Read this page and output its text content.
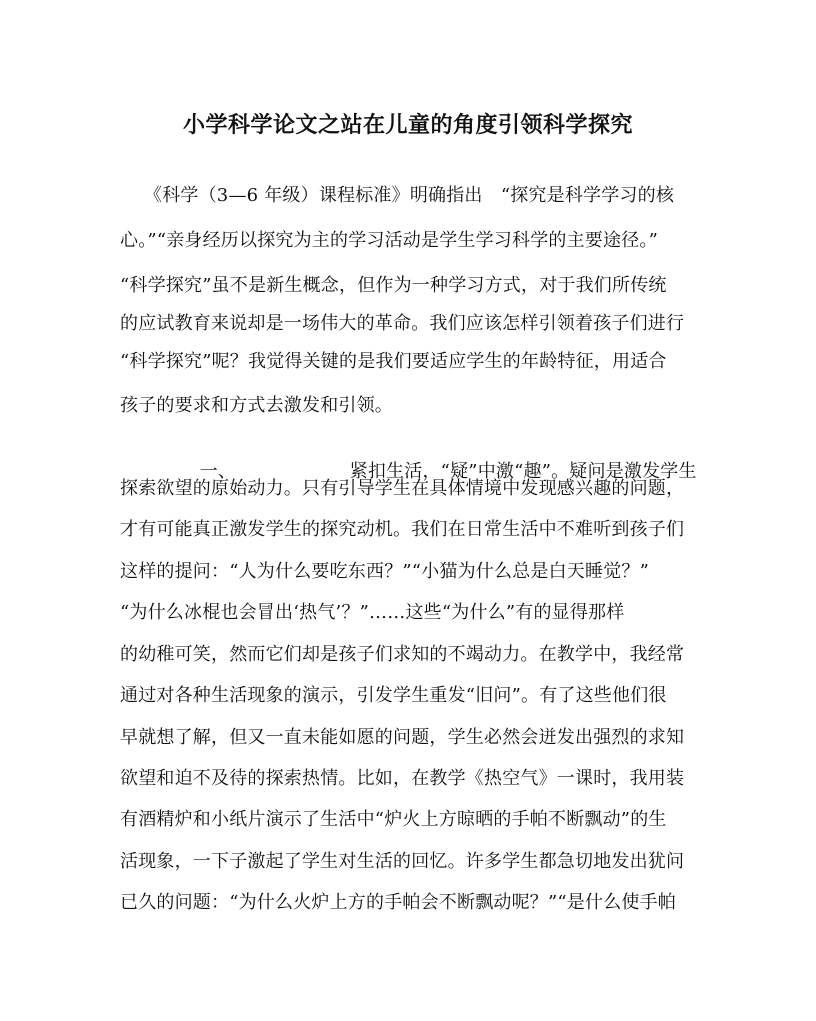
小学科学论文之站在儿童的角度引领科学探究
《科学（3—6 年级）课程标准》明确指出　“探究是科学学习的核
心。”“亲身经历以探究为主的学习活动是学生学习科学的主要途径。”
“科学探究”虽不是新生概念，但作为一种学习方式，对于我们所传统
的应试教育来说却是一场伟大的革命。我们应该怎样引领着孩子们进行
“科学探究”呢？我觉得关键的是我们要适应学生的年龄特征，用适合
孩子的要求和方式去激发和引领。

一、	紧扣生活，“疑”中激“趣”。疑问是激发学生

探索欲望的原始动力。只有引导学生在具体情境中发现感兴趣的问题，
才有可能真正激发学生的探究动机。我们在日常生活中不难听到孩子们
这样的提问：“人为什么要吃东西？”“小猫为什么总是白天睡觉？”
“为什么冰棍也会冒出‘热气’？”……这些“为什么”有的显得那样
的幼稚可笑，然而它们却是孩子们求知的不竭动力。在教学中，我经常
通过对各种生活现象的演示，引发学生重发“旧问”。有了这些他们很
早就想了解，但又一直未能如愿的问题，学生必然会迸发出强烈的求知
欲望和迫不及待的探索热情。比如，在教学《热空气》一课时，我用装
有酒精炉和小纸片演示了生活中“炉火上方晾晒的手帕不断飘动”的生
活现象，一下子激起了学生对生活的回忆。许多学生都急切地发出犹问
已久的问题：“为什么火炉上方的手帕会不断飘动呢？”“是什么使手帕
